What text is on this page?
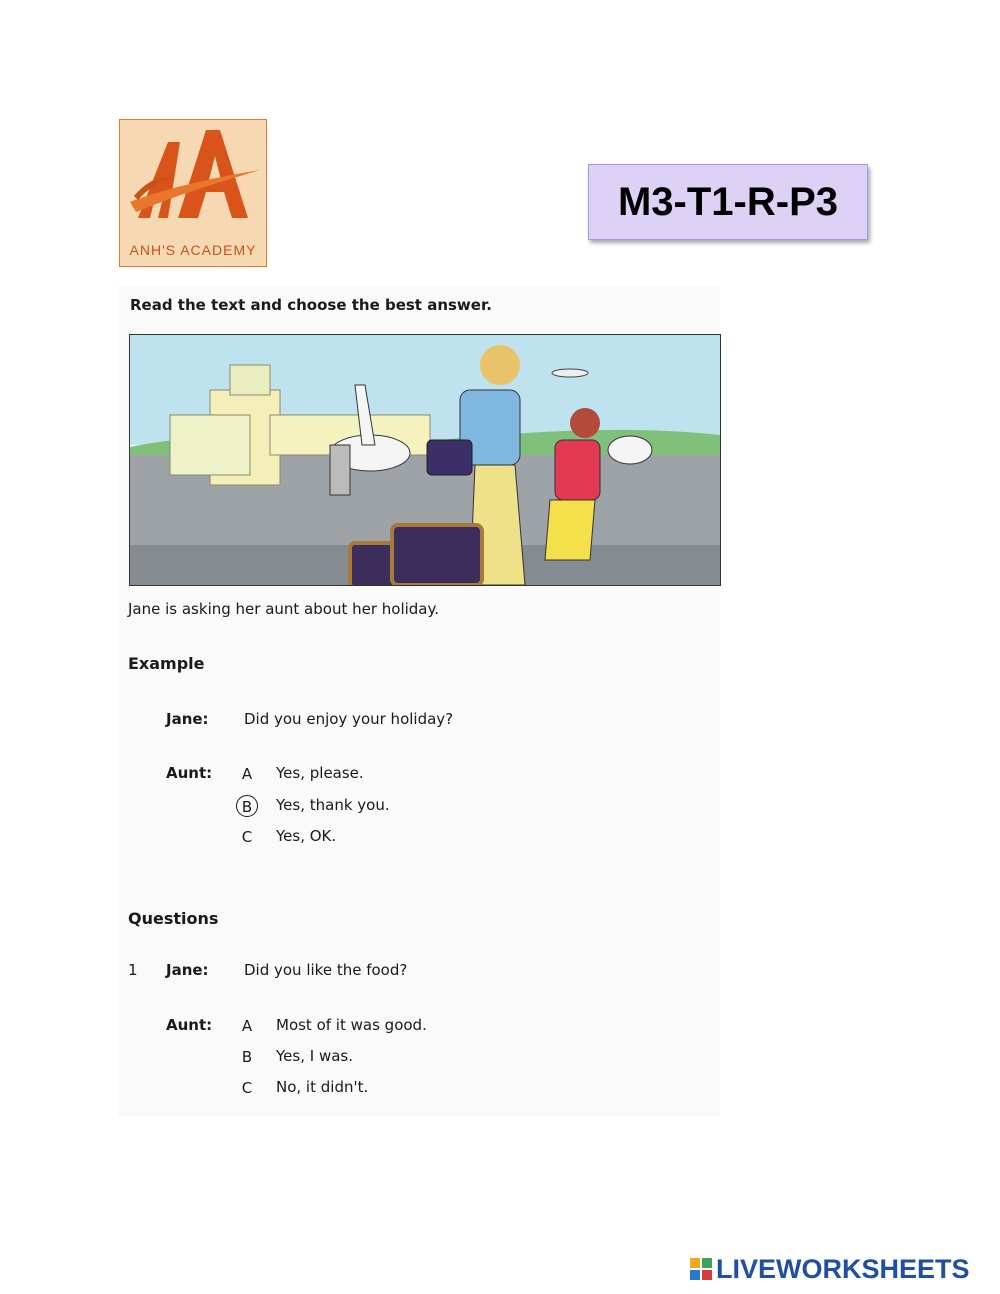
ANH'S ACADEMY
M3-T1-R-P3
Read the text and choose the best answer.
Jane is asking her aunt about her holiday.
Example
Jane: Did you enjoy your holiday?
Aunt:	A	Yes, please.
B	Yes, thank you.
C	Yes, OK.
Questions
1 Jane: Did you like the food?
Aunt:	A	Most of it was good.
B	Yes, I was.
C	No, it didn't.
LIVEWORKSHEETS
